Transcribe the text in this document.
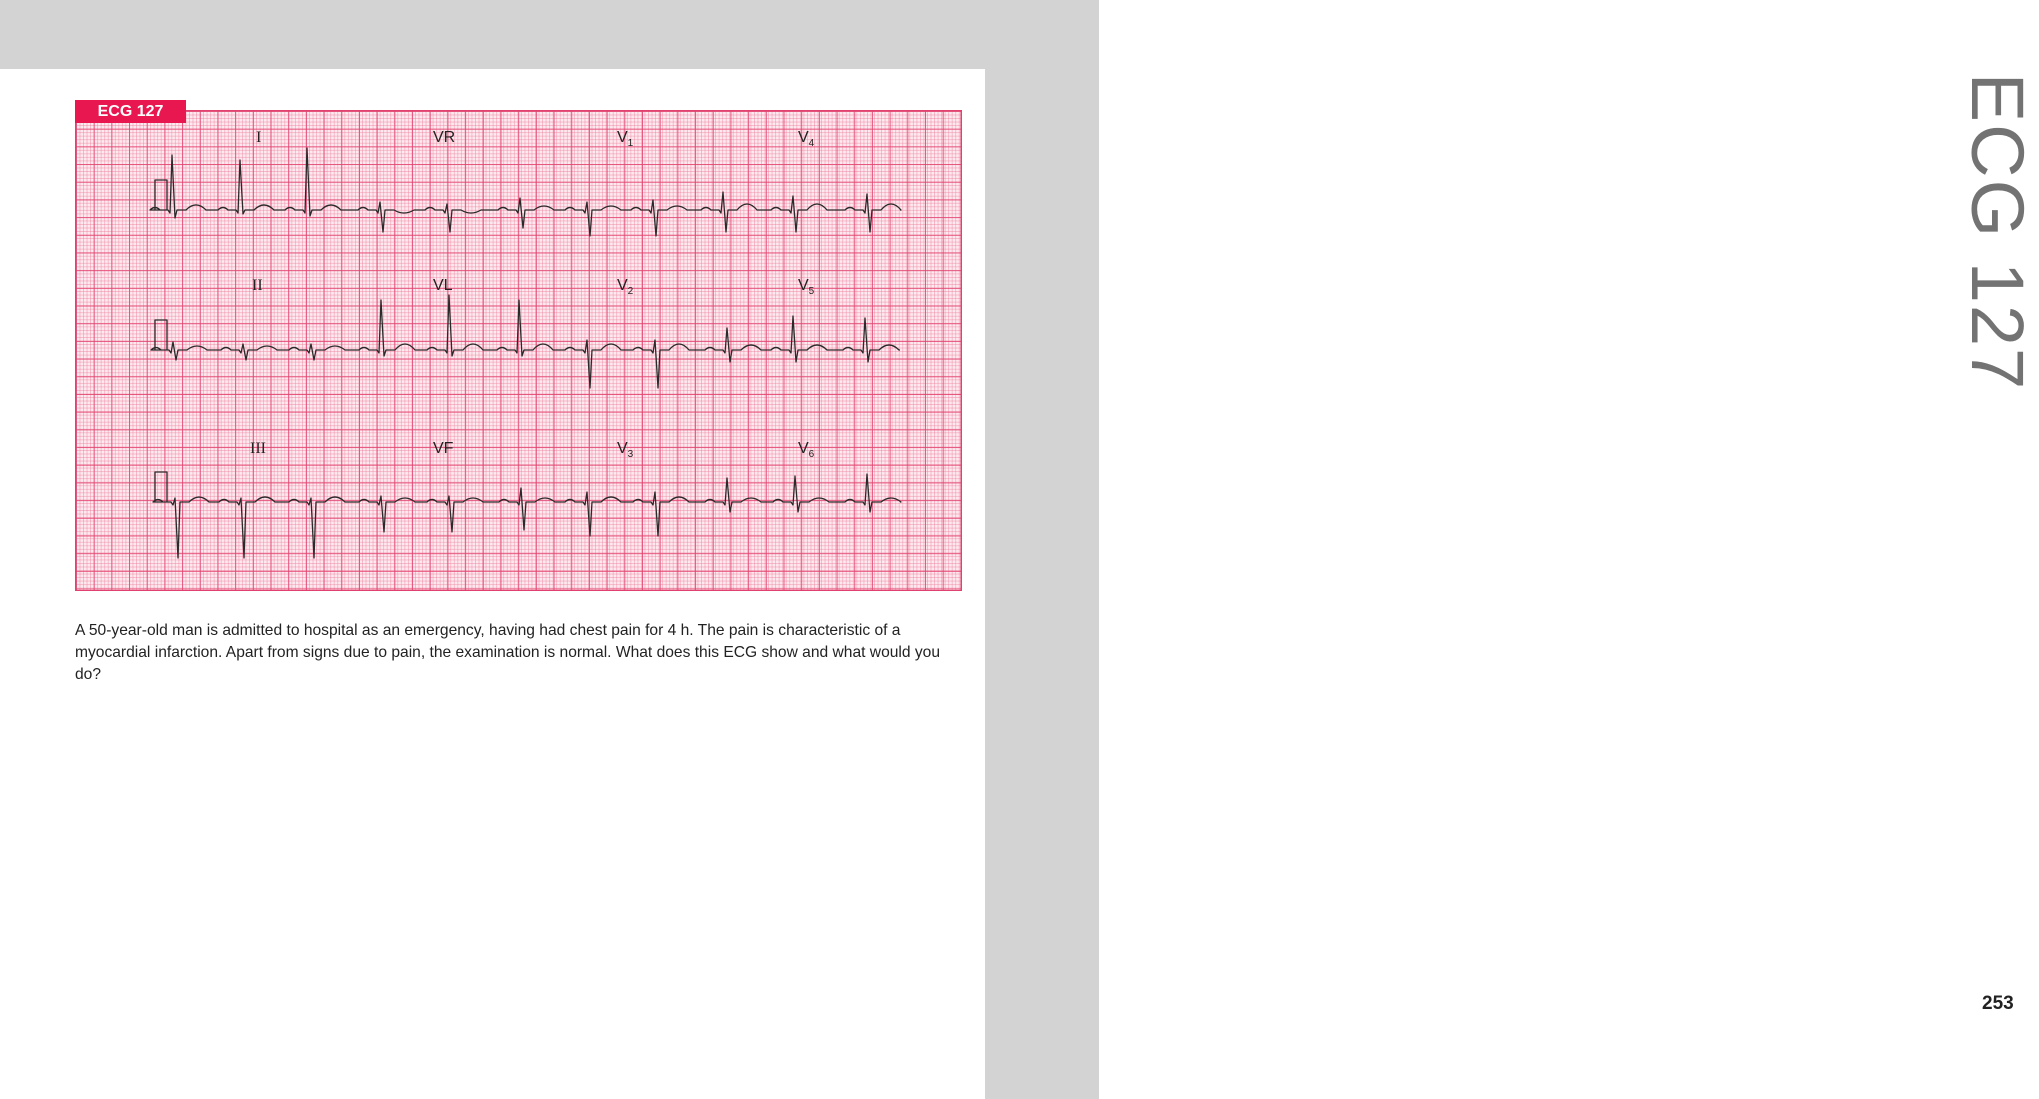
ECG 127
253
ECG 127
I	VR	$V_1$	$V_4$
II	VL	$V_2$	$V_5$
III	VF	$V_3$	$V_6$
A 50-year-old man is admitted to hospital as an emergency, having had chest pain for 4 h. The pain is characteristic of a myocardial infarction. Apart from signs due to pain, the examination is normal. What does this ECG show and what would you do?
